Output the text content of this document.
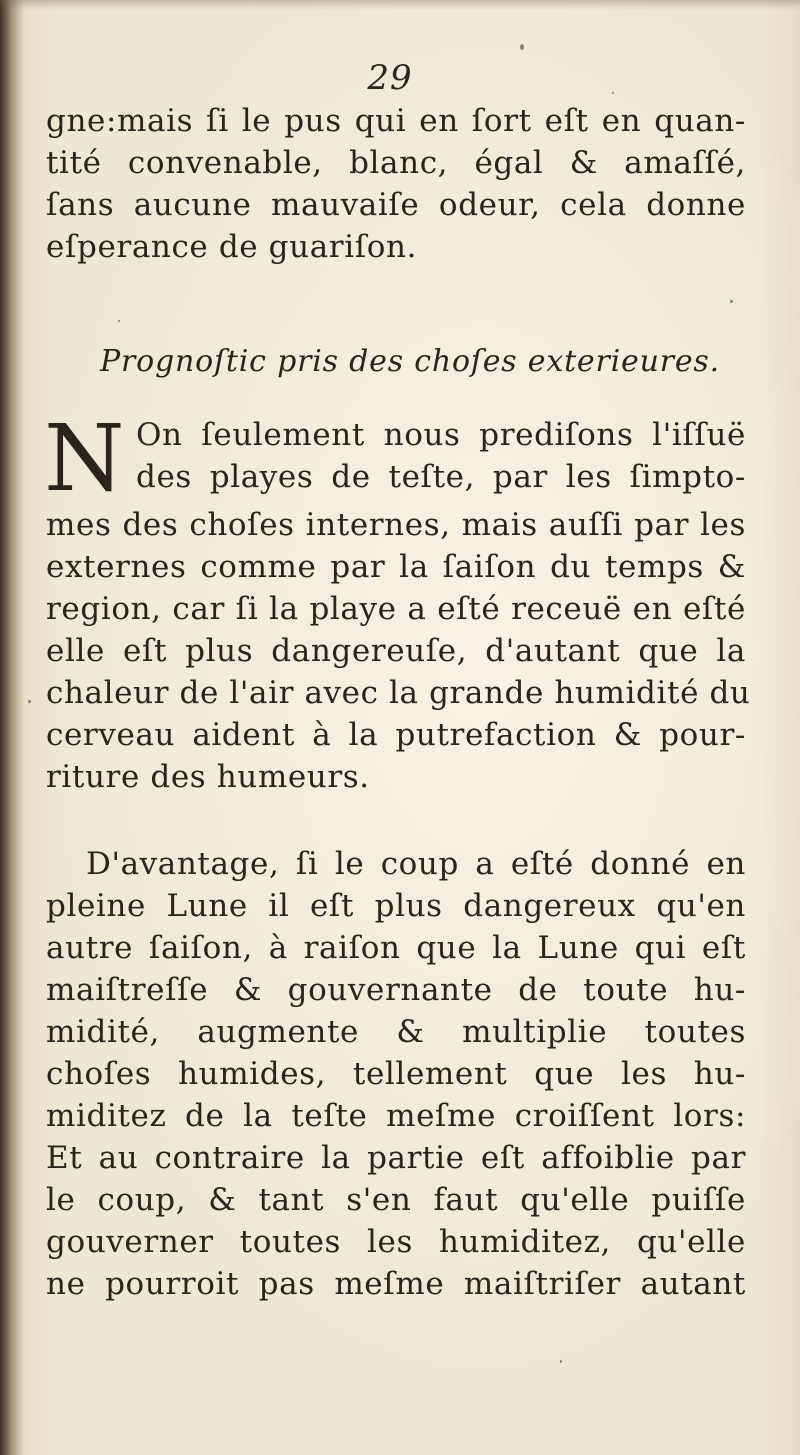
29
gne:mais ſi le pus qui en ſort eſt en quan-
tité convenable, blanc, égal & amaſſé,
ſans aucune mauvaiſe odeur, cela donne
eſperance de guariſon.
Prognoſtic pris des choſes exterieures.
N On ſeulement nous prediſons l'iſſuë
des playes de teſte, par les ſimpto-
mes des choſes internes, mais auſſi par les
externes comme par la ſaiſon du temps &
region, car ſi la playe a eſté receuë en eſté
elle eſt plus dangereuſe, d'autant que la
chaleur de l'air avec la grande humidité du
cerveau aident à la putrefaction & pour-
riture des humeurs.
D'avantage, ſi le coup a eſté donné en
pleine Lune il eſt plus dangereux qu'en
autre ſaiſon, à raiſon que la Lune qui eſt
maiſtreſſe & gouvernante de toute hu-
midité, augmente & multiplie toutes
choſes humides, tellement que les hu-
miditez de la teſte meſme croiſſent lors:
Et au contraire la partie eſt affoiblie par
le coup, & tant s'en faut qu'elle puiſſe
gouverner toutes les humiditez, qu'elle
ne pourroit pas meſme maiſtriſer autant
